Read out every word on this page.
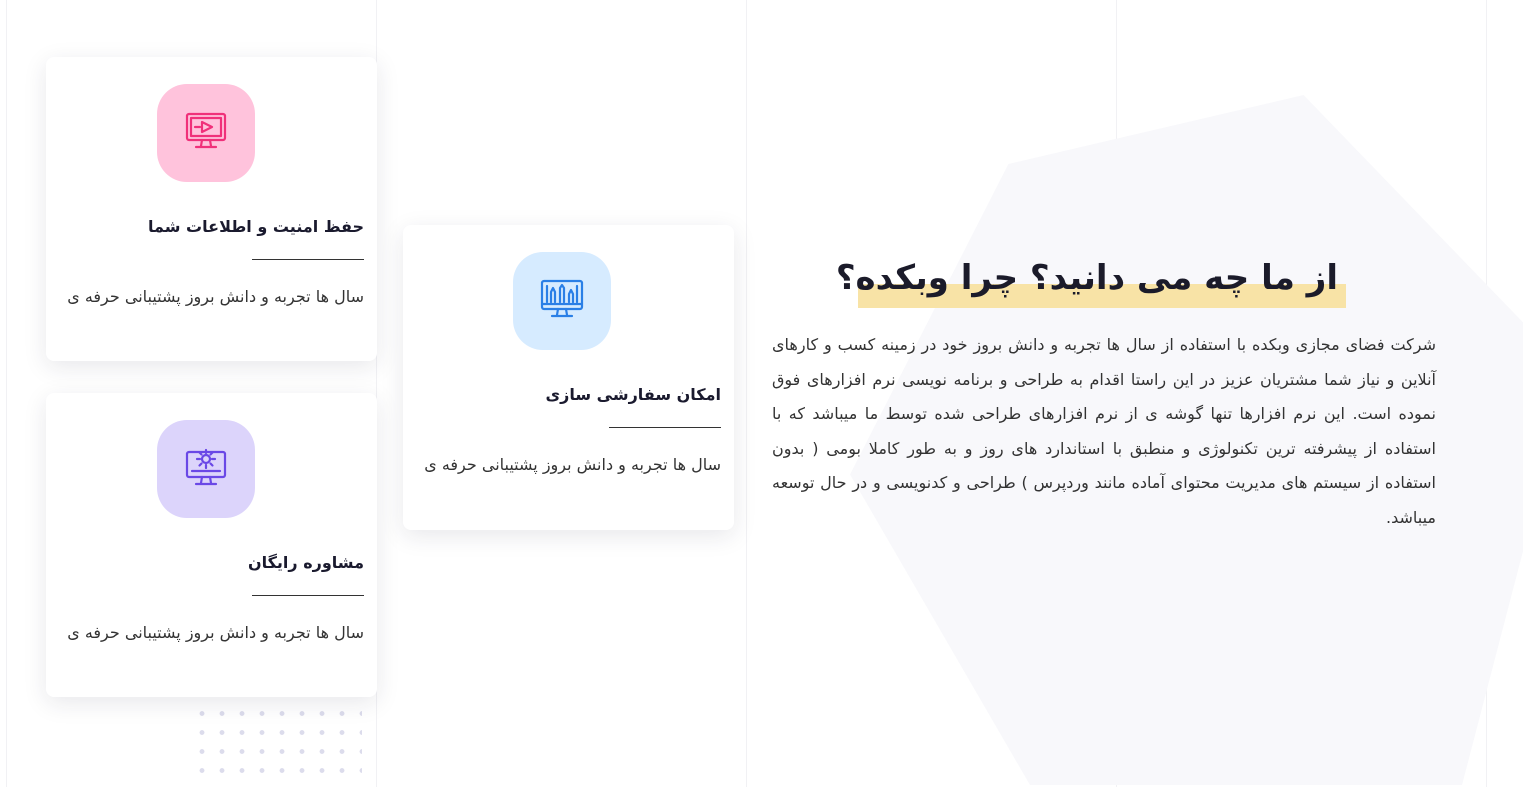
حفظ امنیت و اطلاعات شما
سال ها تجربه و دانش بروز پشتیبانی حرفه ی
امکان سفارشی سازی
سال ها تجربه و دانش بروز پشتیبانی حرفه ی
مشاوره رایگان
سال ها تجربه و دانش بروز پشتیبانی حرفه ی
از ما چه می دانید؟ چرا وبکده؟
شرکت فضای مجازی وبکده با استفاده از سال ها تجربه و دانش بروز خود در زمینه کسب و کارهای آنلاین و نیاز شما مشتریان عزیز در این راستا اقدام به طراحی و برنامه نویسی نرم افزارهای فوق نموده است. این نرم افزارها تنها گوشه ی از نرم افزارهای طراحی شده توسط ما میباشد که با استفاده از پیشرفته ترین تکنولوژی و منطبق با استاندارد های روز و به طور کاملا بومی ( بدون استفاده از سیستم های مدیریت محتوای آماده مانند وردپرس ) طراحی و کدنویسی و در حال توسعه میباشد.
